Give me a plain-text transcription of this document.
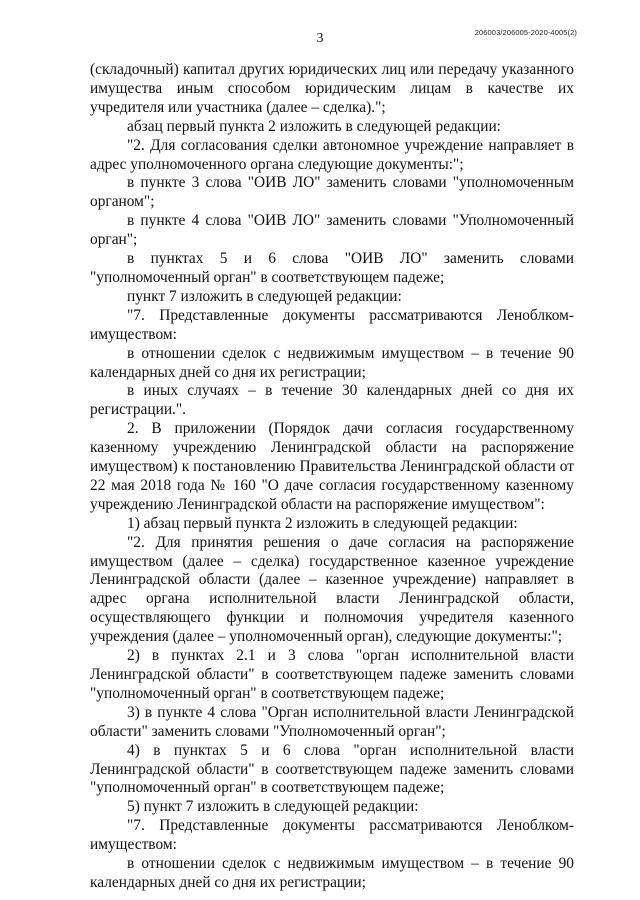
206003/206005-2020-4005(2)
3

(складочный) капитал других юридических лиц или передачу указанного имущества иным способом юридическим лицам в качестве их учредителя или участника (далее – сделка).";

абзац первый пункта 2 изложить в следующей редакции:

"2. Для согласования сделки автономное учреждение направляет в адрес уполномоченного органа следующие документы:";

в пункте 3 слова "ОИВ ЛО" заменить словами "уполномоченным органом";

в пункте 4 слова "ОИВ ЛО" заменить словами "Уполномоченный орган";

в пунктах 5 и 6 слова "ОИВ ЛО" заменить словами "уполномоченный орган" в соответствующем падеже;

пункт 7 изложить в следующей редакции:

"7. Представленные документы рассматриваются Леноблком-имуществом:

в отношении сделок с недвижимым имуществом – в течение 90 календарных дней со дня их регистрации;

в иных случаях – в течение 30 календарных дней со дня их регистрации.".

2. В приложении (Порядок дачи согласия государственному казенному учреждению Ленинградской области на распоряжение имуществом) к постановлению Правительства Ленинградской области от 22 мая 2018 года № 160 "О даче согласия государственному казенному учреждению Ленинградской области на распоряжение имуществом":

1) абзац первый пункта 2 изложить в следующей редакции:

"2. Для принятия решения о даче согласия на распоряжение имуществом (далее – сделка) государственное казенное учреждение Ленинградской области (далее – казенное учреждение) направляет в адрес органа исполнительной власти Ленинградской области, осуществляющего функции и полномочия учредителя казенного учреждения (далее – уполномоченный орган), следующие документы:";

2) в пунктах 2.1 и 3 слова "орган исполнительной власти Ленинградской области" в соответствующем падеже заменить словами "уполномоченный орган" в соответствующем падеже;

3) в пункте 4 слова "Орган исполнительной власти Ленинградской области" заменить словами "Уполномоченный орган";

4) в пунктах 5 и 6 слова "орган исполнительной власти Ленинградской области" в соответствующем падеже заменить словами "уполномоченный орган" в соответствующем падеже;

5) пункт 7 изложить в следующей редакции:

"7. Представленные документы рассматриваются Леноблком-имуществом:

в отношении сделок с недвижимым имуществом – в течение 90 календарных дней со дня их регистрации;
